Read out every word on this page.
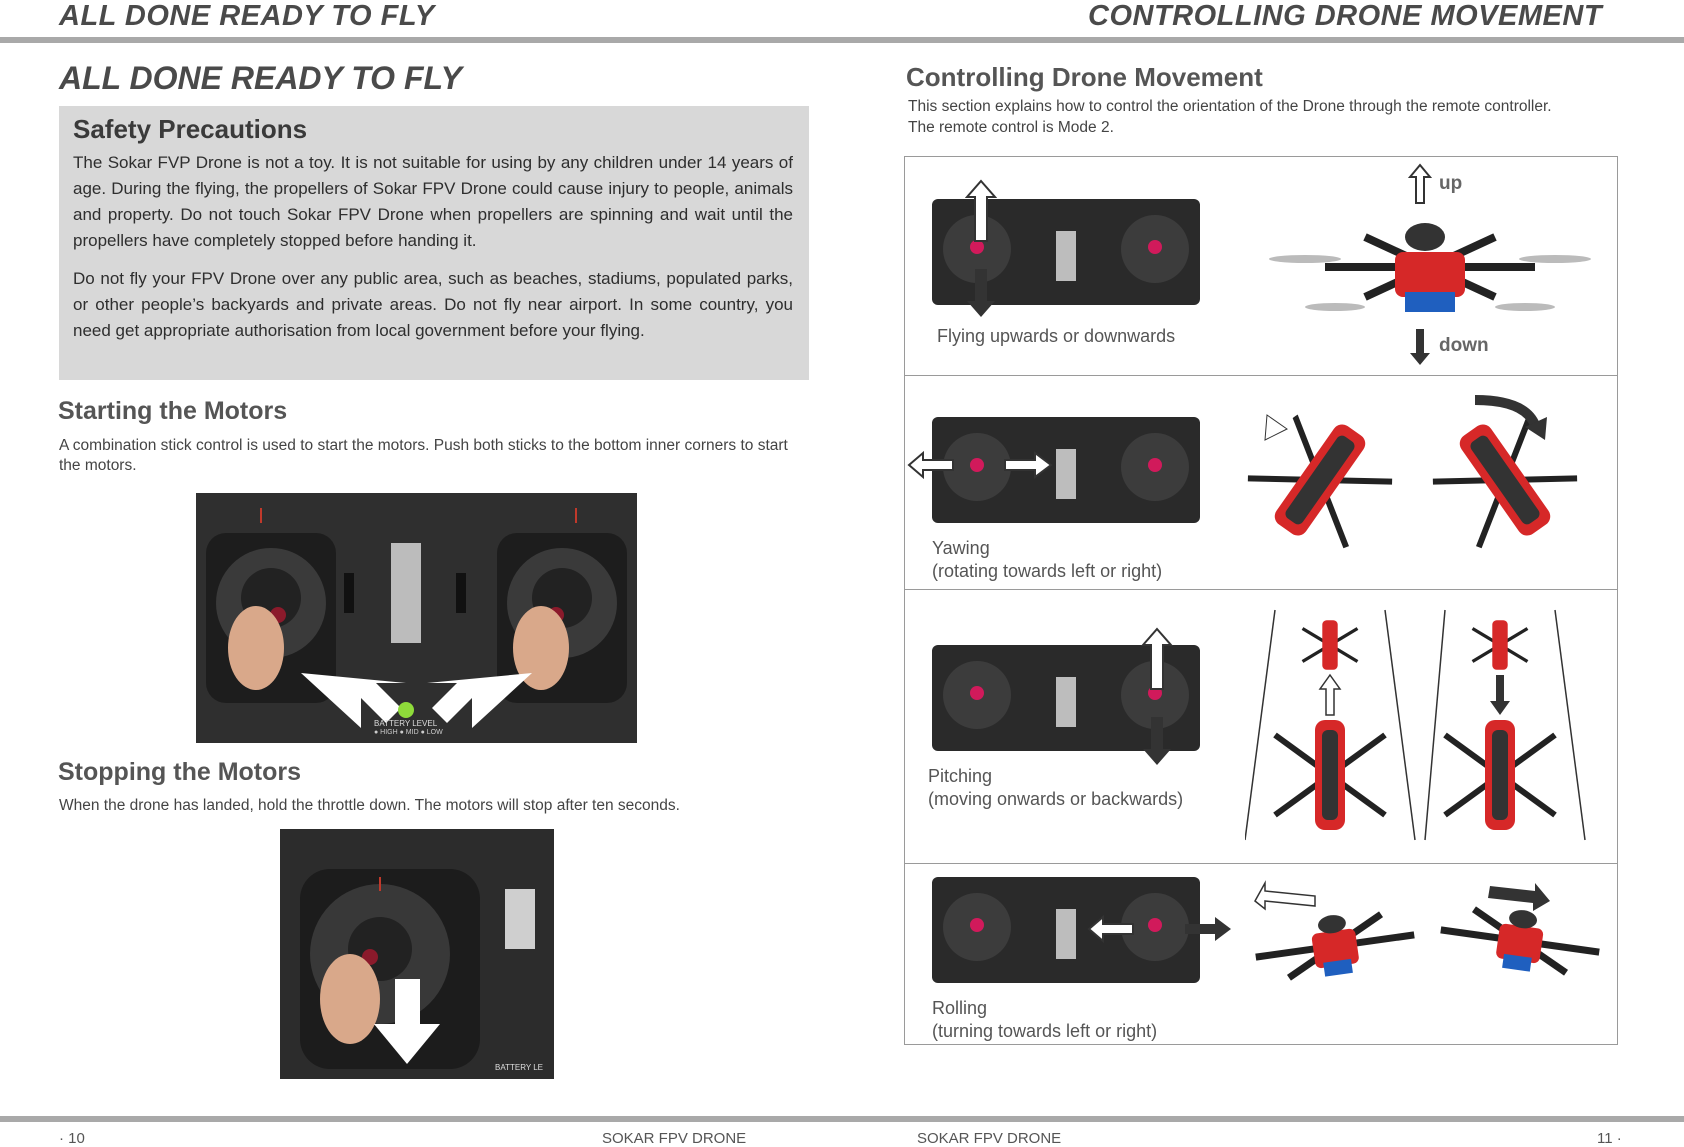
ALL DONE READY TO FLY	CONTROLLING DRONE MOVEMENT
ALL DONE READY TO FLY
Safety Precautions

The Sokar FVP Drone is not a toy. It is not suitable for using by any children under 14 years of age. During the flying, the propellers of Sokar FPV Drone could cause injury to people, animals and property. Do not touch Sokar FPV Drone when propellers are spinning and wait until the propellers have completely stopped before handing it.

Do not fly your FPV Drone over any public area, such as beaches, stadiums, populated parks, or other people’s backyards and private areas. Do not fly near airport. In some country, you need get appropriate authorisation from local government before your flying.

Starting the Motors
A combination stick control is used to start the motors. Push both sticks to the bottom inner corners to start the motors.
BATTERY LEVEL
● HIGH ● MID ● LOW
Stopping the Motors
When the drone has landed, hold the throttle down. The motors will stop after ten seconds.
BATTERY LE
Controlling Drone Movement
This section explains how to control the orientation of the Drone through the remote controller.
The remote control is Mode 2.
Flying upwards or downwards
up
down
Yawing
(rotating towards left or right)
Pitching
(moving onwards or backwards)
Rolling
(turning towards left or right)
· 10	SOKAR FPV DRONE	SOKAR FPV DRONE	11 ·
